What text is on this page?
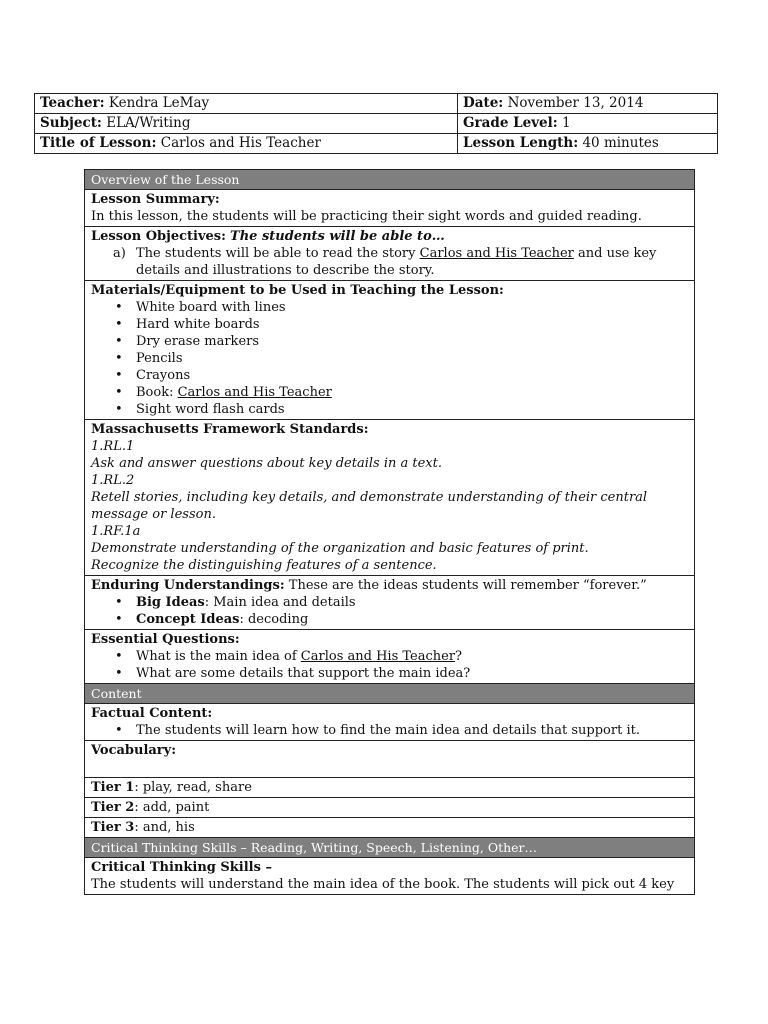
Teacher: Kendra LeMay	Date: November 13, 2014
Subject: ELA/Writing	Grade Level: 1
Title of Lesson: Carlos and His Teacher	Lesson Length: 40 minutes
Overview of the Lesson

Lesson Summary:
In this lesson, the students will be practicing their sight words and guided reading.

Lesson Objectives: The students will be able to…
a) The students will be able to read the story Carlos and His Teacher and use key details and illustrations to describe the story.

Materials/Equipment to be Used in Teaching the Lesson:
• White board with lines
• Hard white boards
• Dry erase markers
• Pencils
• Crayons
• Book: Carlos and His Teacher
• Sight word flash cards

Massachusetts Framework Standards:
1.RL.1
Ask and answer questions about key details in a text.
1.RL.2
Retell stories, including key details, and demonstrate understanding of their central message or lesson.
1.RF.1a
Demonstrate understanding of the organization and basic features of print.
Recognize the distinguishing features of a sentence.

Enduring Understandings: These are the ideas students will remember “forever.”
• Big Ideas: Main idea and details
• Concept Ideas: decoding

Essential Questions:
• What is the main idea of Carlos and His Teacher?
• What are some details that support the main idea?

Content

Factual Content:
• The students will learn how to find the main idea and details that support it.

Vocabulary:

Tier 1: play, read, share
Tier 2: add, paint
Tier 3: and, his
Critical Thinking Skills – Reading, Writing, Speech, Listening, Other…

Critical Thinking Skills –
The students will understand the main idea of the book. The students will pick out 4 key
